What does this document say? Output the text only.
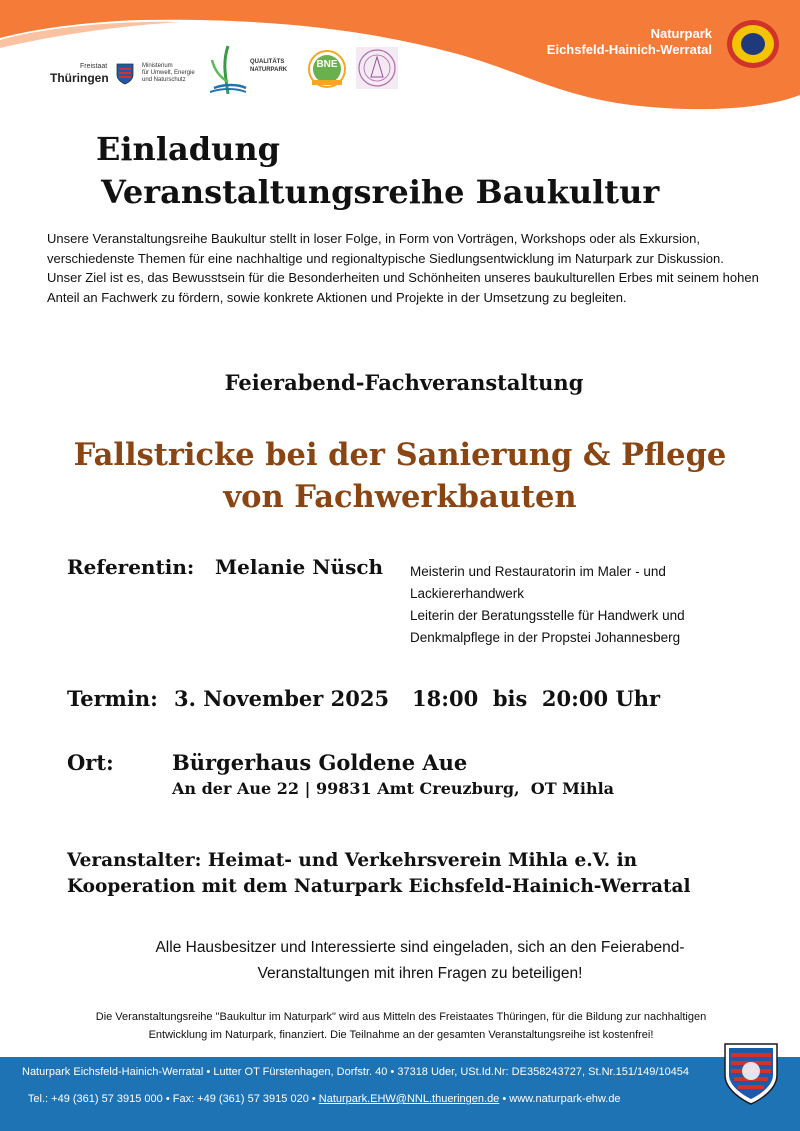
Naturpark
Eichsfeld-Hainich-Werratal
Freistaat
Thüringen
Ministerium
für Umwelt, Energie
und Naturschutz
QUALITÄTS
NATURPARK	BNE
Einladung
Veranstaltungsreihe Baukultur
Unsere Veranstaltungsreihe Baukultur stellt in loser Folge, in Form von Vorträgen, Workshops oder als Exkursion, verschiedenste Themen für eine nachhaltige und regionaltypische Siedlungsentwicklung im Naturpark zur Diskussion.
Unser Ziel ist es, das Bewusstsein für die Besonderheiten und Schönheiten unseres baukulturellen Erbes mit seinem hohen Anteil an Fachwerk zu fördern, sowie konkrete Aktionen und Projekte in der Umsetzung zu begleiten.
Feierabend-Fachveranstaltung
Fallstricke bei der Sanierung & Pflege
von Fachwerkbauten
Referentin: Melanie Nüsch Meisterin und Restauratorin im Maler - und
Lackiererhandwerk
Leiterin der Beratungsstelle für Handwerk und
Denkmalpflege in der Propstei Johannesberg
Termin: 3. November 2025 18:00  bis  20:00 Uhr
Ort:	Bürgerhaus Goldene Aue
An der Aue 22 | 99831 Amt Creuzburg,  OT Mihla
Veranstalter: Heimat- und Verkehrsverein Mihla e.V. in
Kooperation mit dem Naturpark Eichsfeld-Hainich-Werratal
Alle Hausbesitzer und Interessierte sind eingeladen, sich an den Feierabend-
Veranstaltungen mit ihren Fragen zu beteiligen!
Die Veranstaltungsreihe "Baukultur im Naturpark" wird aus Mitteln des Freistaates Thüringen, für die Bildung zur nachhaltigen
Entwicklung im Naturpark, finanziert. Die Teilnahme an der gesamten Veranstaltungsreihe ist kostenfrei!
Naturpark Eichsfeld-Hainich-Werratal • Lutter OT Fürstenhagen, Dorfstr. 40 • 37318 Uder, USt.Id.Nr: DE358243727, St.Nr.151/149/10454

Tel.: +49 (361) 57 3915 000 • Fax: +49 (361) 57 3915 020 • Naturpark.EHW@NNL.thueringen.de • www.naturpark-ehw.de
